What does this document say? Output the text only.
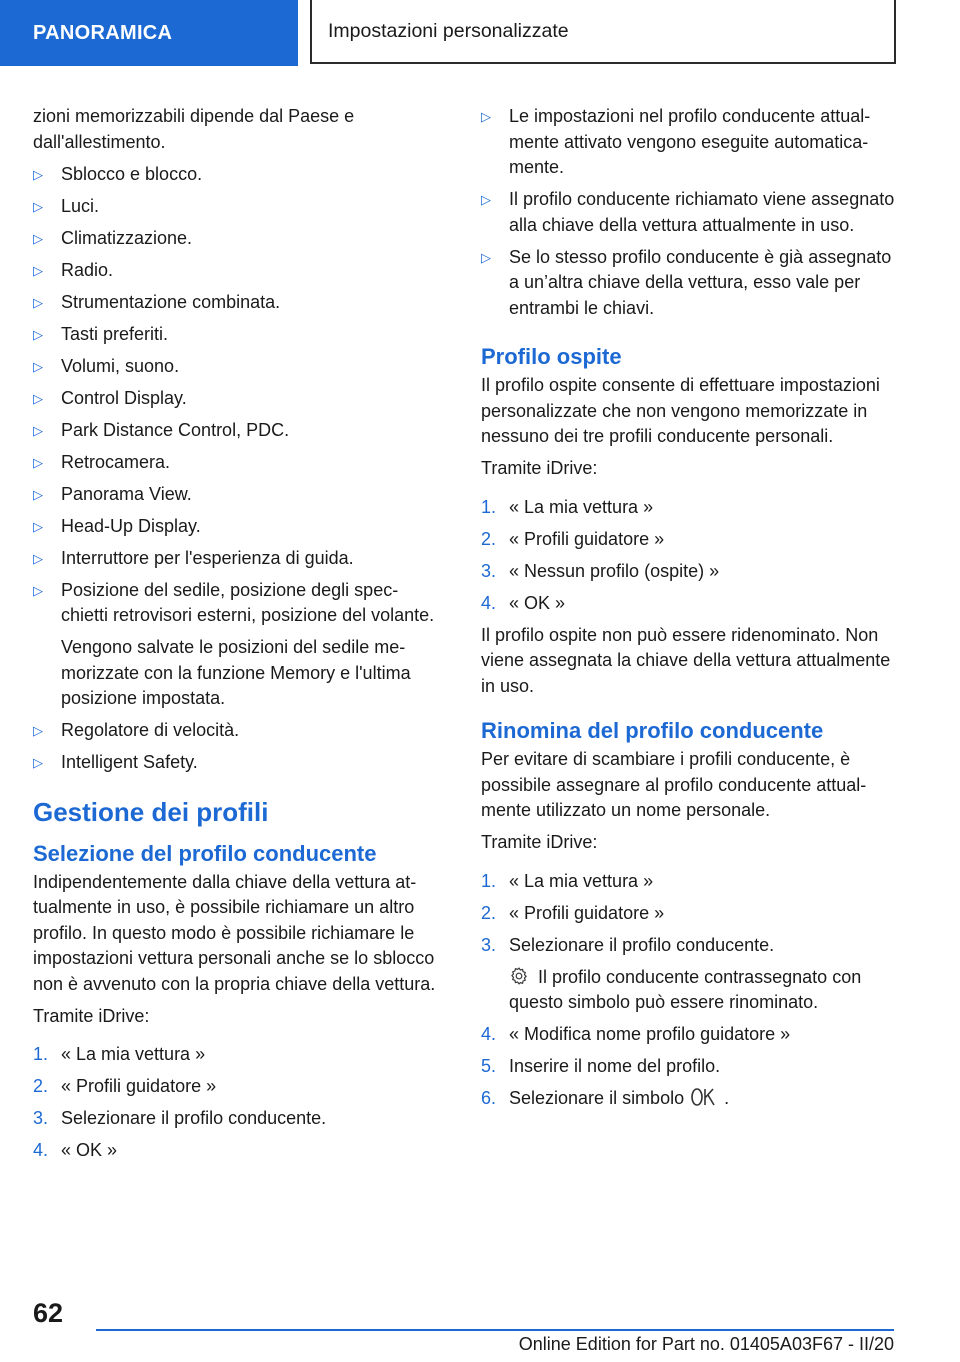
PANORAMICA	Impostazioni personalizzate

zioni memorizzabili dipende dal Paese e dall'allestimento.

▷ Sblocco e blocco.
▷ Luci.
▷ Climatizzazione.
▷ Radio.
▷ Strumentazione combinata.
▷ Tasti preferiti.
▷ Volumi, suono.
▷ Control Display.
▷ Park Distance Control, PDC.
▷ Retrocamera.
▷ Panorama View.
▷ Head-Up Display.
▷ Interruttore per l'esperienza di guida.
▷ Posizione del sedile, posizione degli specchietti retrovisori esterni, posizione del volante.
Vengono salvate le posizioni del sedile memorizzate con la funzione Memory e l'ultima posizione impostata.
▷ Regolatore di velocità.
▷ Intelligent Safety.
Gestione dei profili
Selezione del profilo conducente

Indipendentemente dalla chiave della vettura attualmente in uso, è possibile richiamare un altro profilo. In questo modo è possibile richiamare le impostazioni vettura personali anche se lo sblocco non è avvenuto con la propria chiave della vettura.

Tramite iDrive:

1. « La mia vettura »
2. « Profili guidatore »
3. Selezionare il profilo conducente.
4. « OK »
▷ Le impostazioni nel profilo conducente attualmente attivato vengono eseguite automaticamente.
▷ Il profilo conducente richiamato viene assegnato alla chiave della vettura attualmente in uso.
▷ Se lo stesso profilo conducente è già assegnato a un’altra chiave della vettura, esso vale per entrambi le chiavi.
Profilo ospite

Il profilo ospite consente di effettuare impostazioni personalizzate che non vengono memorizzate in nessuno dei tre profili conducente personali.

Tramite iDrive:

1. « La mia vettura »
2. « Profili guidatore »
3. « Nessun profilo (ospite) »
4. « OK »

Il profilo ospite non può essere ridenominato. Non viene assegnata la chiave della vettura attualmente in uso.

Rinomina del profilo conducente

Per evitare di scambiare i profili conducente, è possibile assegnare al profilo conducente attualmente utilizzato un nome personale.

Tramite iDrive:

1. « La mia vettura »
2. « Profili guidatore »
3. Selezionare il profilo conducente.
Il profilo conducente contrassegnato con questo simbolo può essere rinominato.
4. « Modifica nome profilo guidatore »
5. Inserire il nome del profilo.
6. Selezionare il simbolo .
62
Online Edition for Part no. 01405A03F67 - II/20
